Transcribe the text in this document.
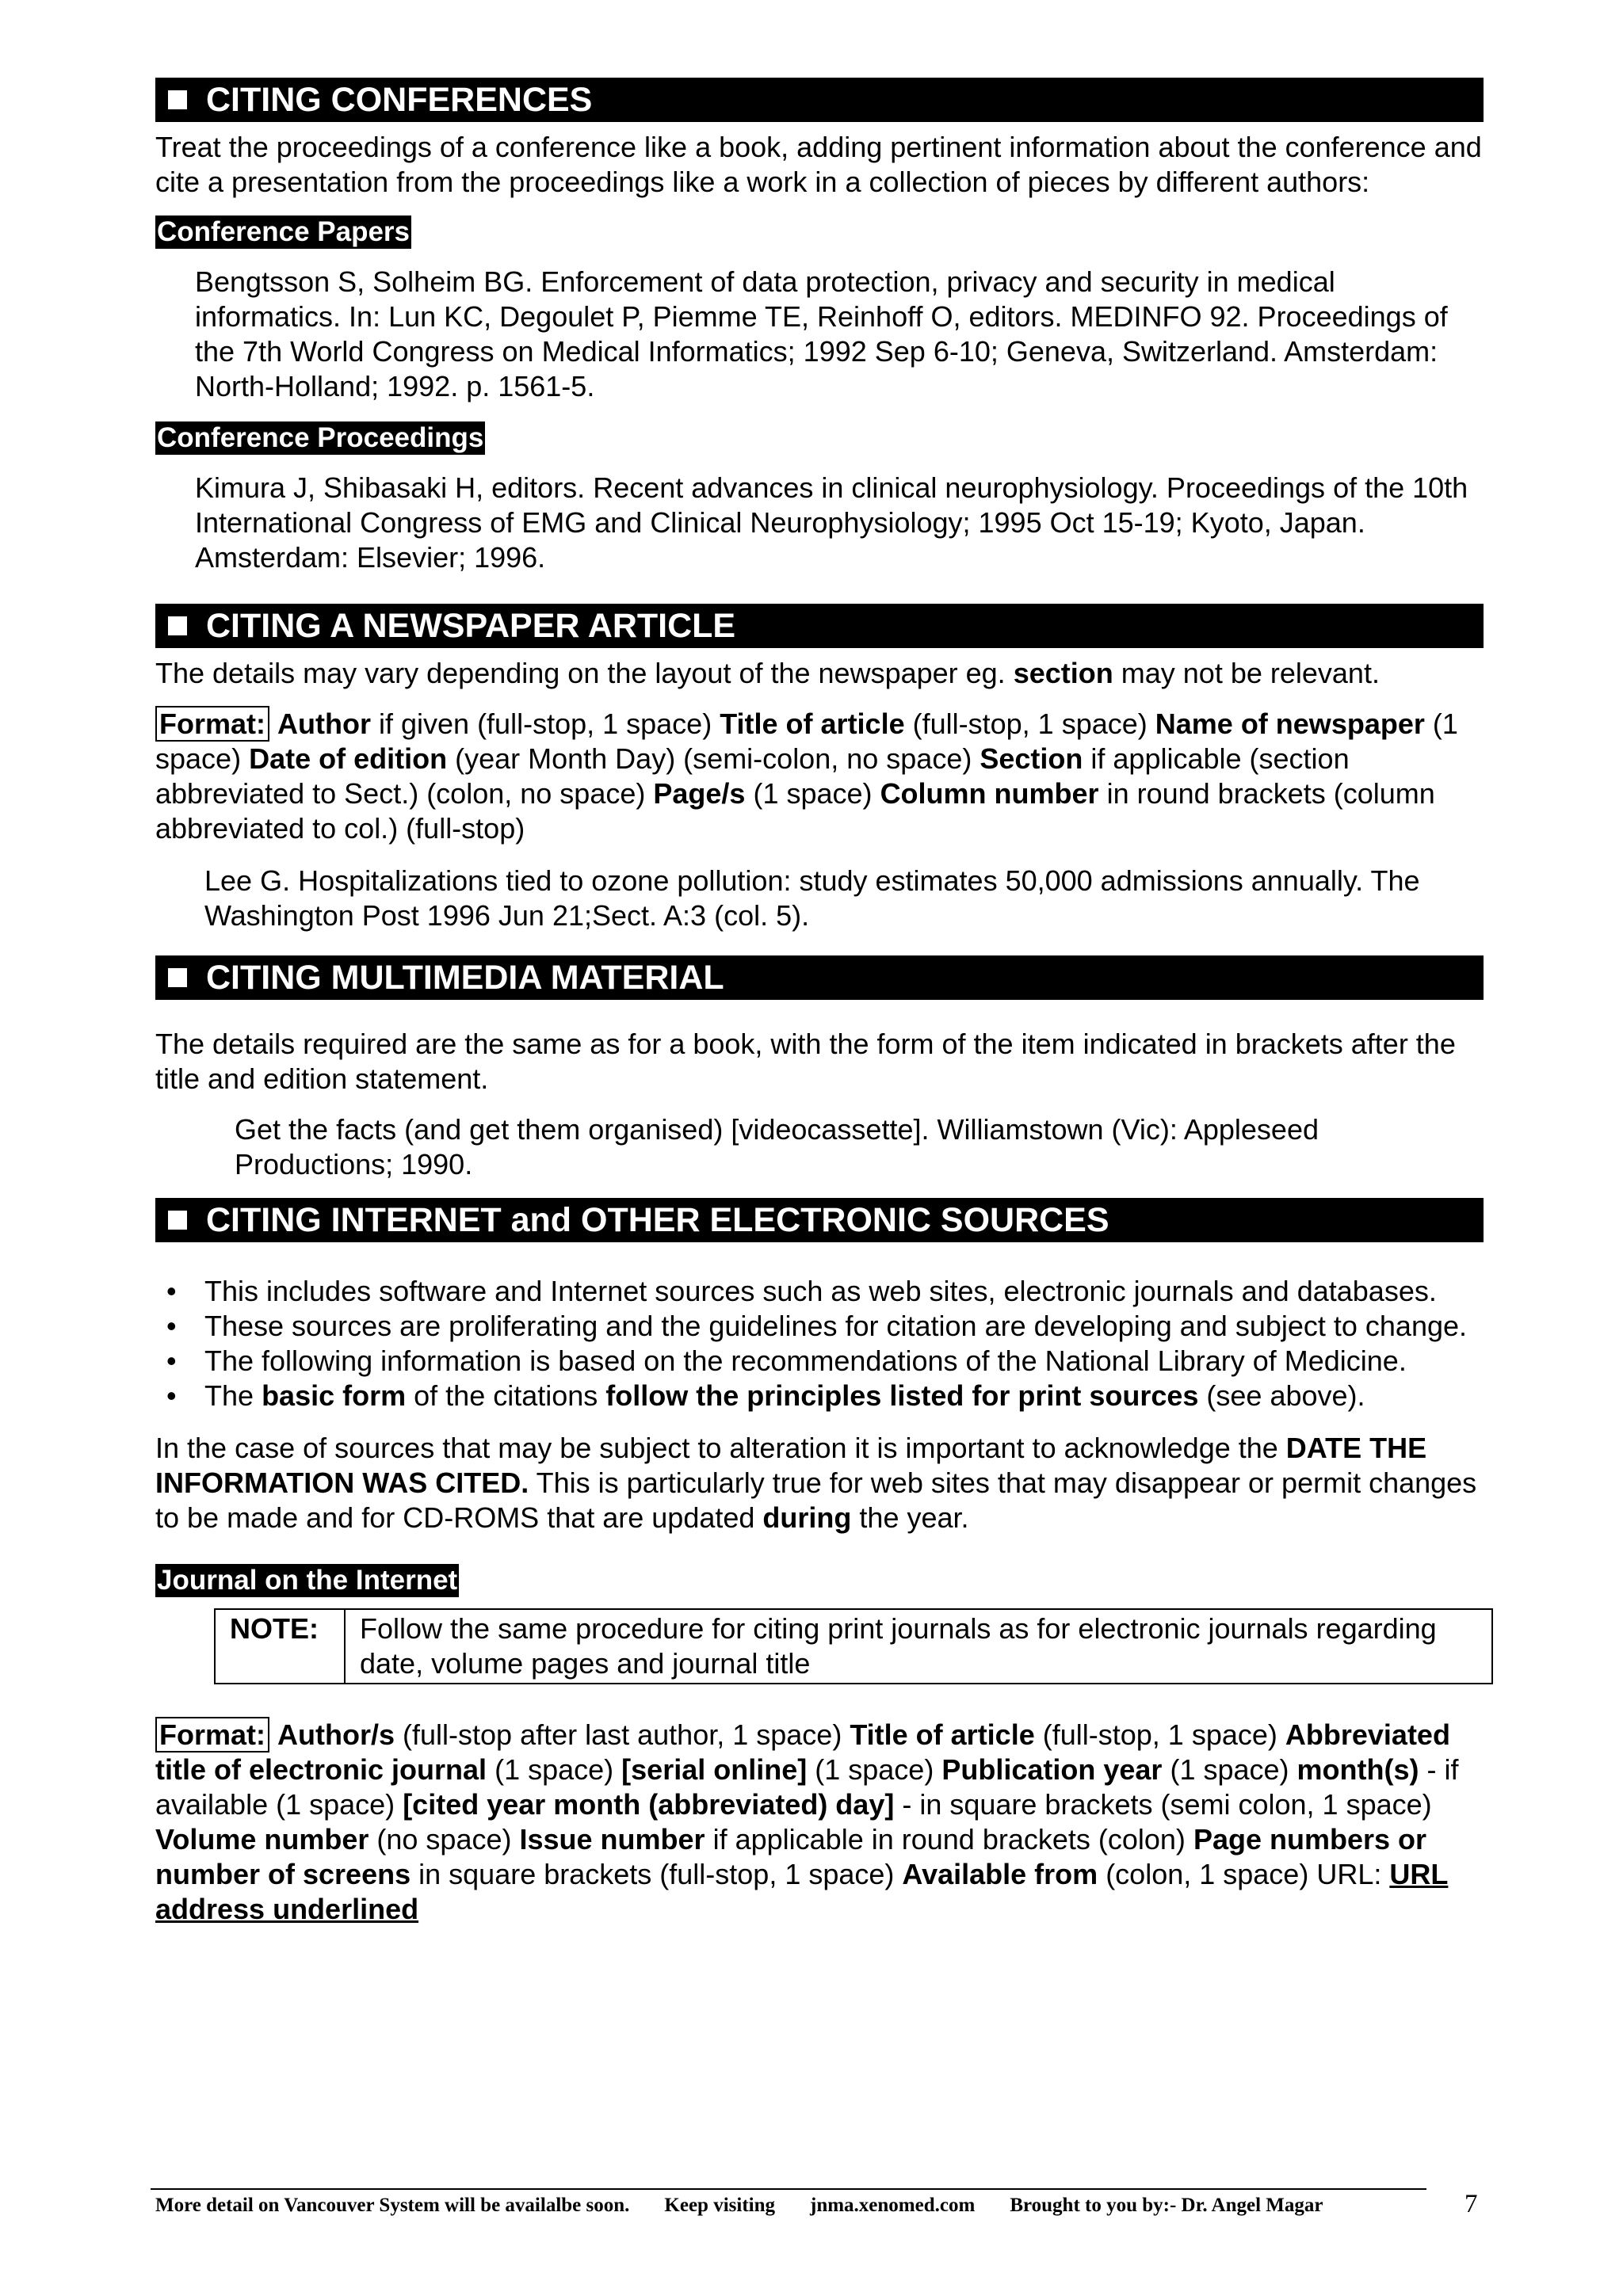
CITING CONFERENCES

Treat the proceedings of a conference like a book, adding pertinent information about the conference and cite a presentation from the proceedings like a work in a collection of pieces by different authors:

Conference Papers

Bengtsson S, Solheim BG. Enforcement of data protection, privacy and security in medical informatics. In: Lun KC, Degoulet P, Piemme TE, Reinhoff O, editors. MEDINFO 92. Proceedings of the 7th World Congress on Medical Informatics; 1992 Sep 6-10; Geneva, Switzerland. Amsterdam: North-Holland; 1992. p. 1561-5.

Conference Proceedings

Kimura J, Shibasaki H, editors. Recent advances in clinical neurophysiology. Proceedings of the 10th International Congress of EMG and Clinical Neurophysiology; 1995 Oct 15-19; Kyoto, Japan. Amsterdam: Elsevier; 1996.

CITING A NEWSPAPER ARTICLE

The details may vary depending on the layout of the newspaper eg. section may not be relevant.

Format: Author if given (full-stop, 1 space) Title of article (full-stop, 1 space) Name of newspaper (1 space) Date of edition (year Month Day) (semi-colon, no space) Section if applicable (section abbreviated to Sect.) (colon, no space) Page/s (1 space) Column number in round brackets (column abbreviated to col.) (full-stop)

Lee G. Hospitalizations tied to ozone pollution: study estimates 50,000 admissions annually. The Washington Post 1996 Jun 21;Sect. A:3 (col. 5).

CITING MULTIMEDIA MATERIAL

The details required are the same as for a book, with the form of the item indicated in brackets after the title and edition statement.

Get the facts (and get them organised) [videocassette]. Williamstown (Vic): Appleseed Productions; 1990.

CITING INTERNET and OTHER ELECTRONIC SOURCES
• This includes software and Internet sources such as web sites, electronic journals and databases.
• These sources are proliferating and the guidelines for citation are developing and subject to change.
• The following information is based on the recommendations of the National Library of Medicine.
• The basic form of the citations follow the principles listed for print sources (see above).

In the case of sources that may be subject to alteration it is important to acknowledge the DATE THE INFORMATION WAS CITED. This is particularly true for web sites that may disappear or permit changes to be made and for CD-ROMS that are updated during the year.

Journal on the Internet
NOTE:	Follow the same procedure for citing print journals as for electronic journals regarding date, volume pages and journal title

Format: Author/s (full-stop after last author, 1 space) Title of article (full-stop, 1 space) Abbreviated title of electronic journal (1 space) [serial online] (1 space) Publication year (1 space) month(s) - if available (1 space) [cited year month (abbreviated) day] - in square brackets (semi colon, 1 space) Volume number (no space) Issue number if applicable in round brackets (colon) Page numbers or number of screens in square brackets (full-stop, 1 space) Available from (colon, 1 space) URL: URL address underlined

More detail on Vancouver System will be availalbe soon. Keep visiting jnma.xenomed.com Brought to you by:- Dr. Angel Magar	7
